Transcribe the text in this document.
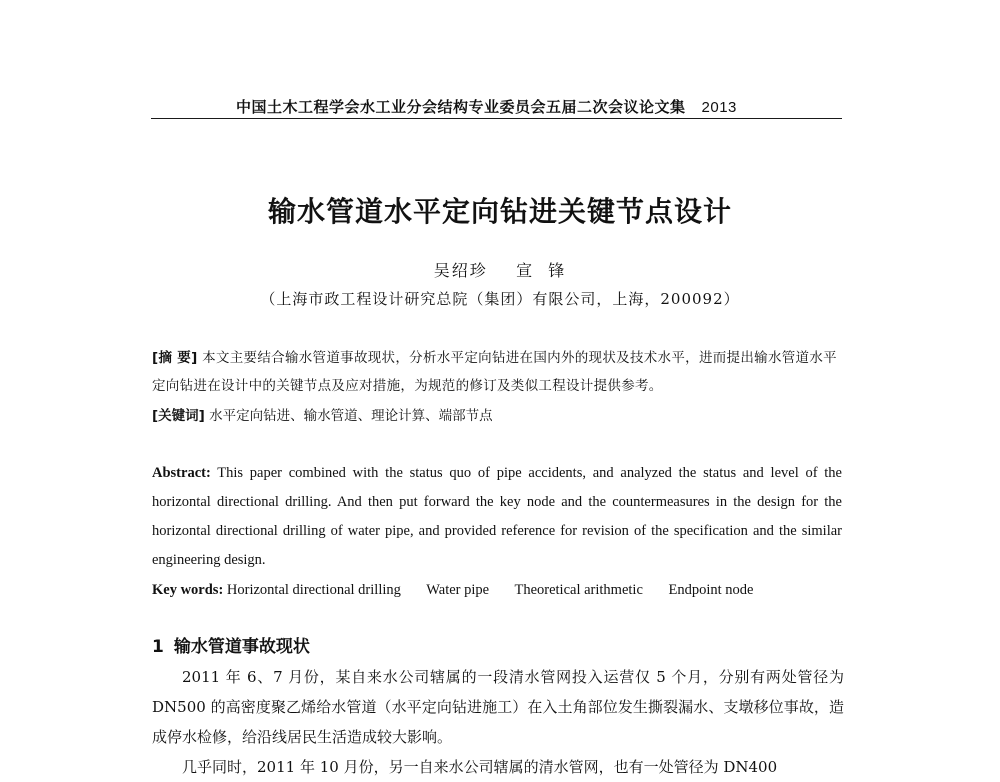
中国土木工程学会水工业分会结构专业委员会五届二次会议论文集 2013
输水管道水平定向钻进关键节点设计
吴绍珍    宣  锋
（上海市政工程设计研究总院（集团）有限公司，上海，200092）
[摘 要] 本文主要结合输水管道事故现状，分析水平定向钻进在国内外的现状及技术水平，进而提出输水管道水平定向钻进在设计中的关键节点及应对措施，为规范的修订及类似工程设计提供参考。
[关键词] 水平定向钻进、输水管道、理论计算、端部节点
Abstract: This paper combined with the status quo of pipe accidents, and analyzed the status and level of the horizontal directional drilling. And then put forward the key node and the countermeasures in the design for the horizontal directional drilling of water pipe, and provided reference for revision of the specification and the similar engineering design.
Key words: Horizontal directional drilling Water pipe Theoretical arithmetic Endpoint node
1 输水管道事故现状

2011 年 6、7 月份，某自来水公司辖属的一段清水管网投入运营仅 5 个月，分别有两处管径为 DN500 的高密度聚乙烯给水管道（水平定向钻进施工）在入土角部位发生撕裂漏水、支墩移位事故，造成停水检修，给沿线居民生活造成较大影响。

几乎同时，2011 年 10 月份，另一自来水公司辖属的清水管网，也有一处管径为 DN400
